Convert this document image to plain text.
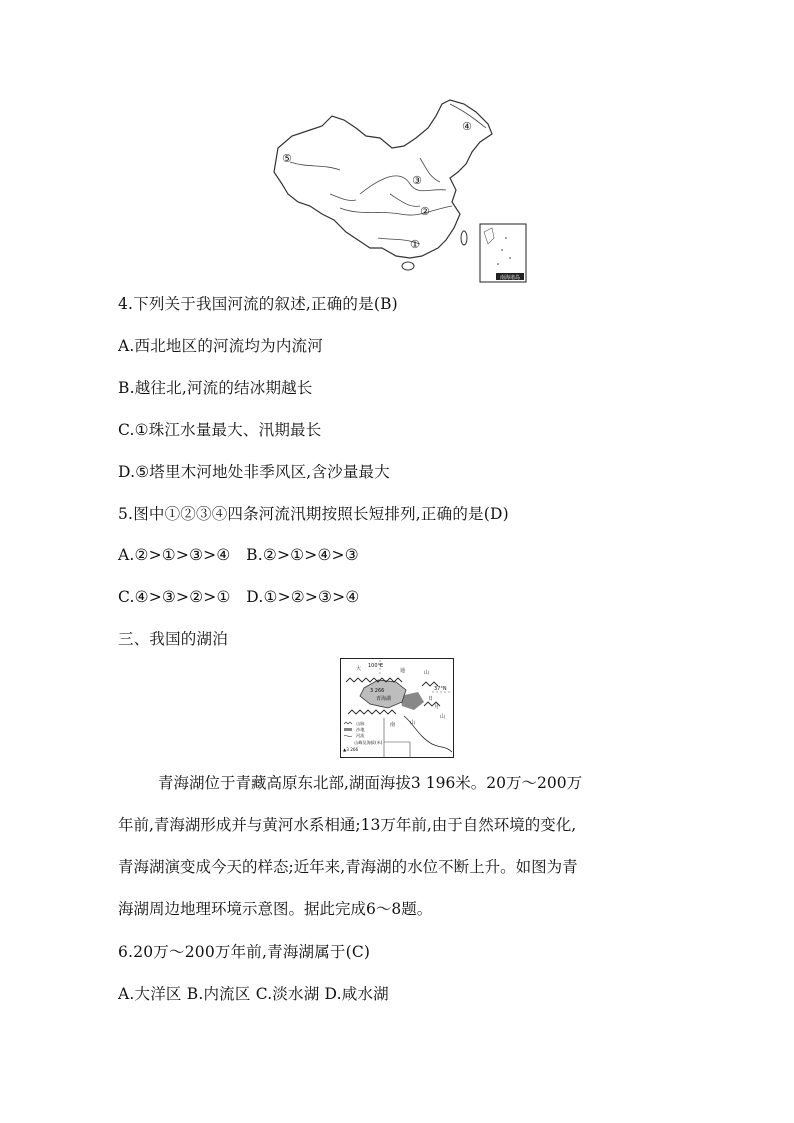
①
②
③
④
⑤
南海诸岛
4.下列关于我国河流的叙述,正确的是(B)
A.西北地区的河流均为内流河
B.越往北,河流的结冰期越长
C.①珠江水量最大、汛期最长
D.⑤塔里木河地处非季风区,含沙量最大
5.图中①②③④四条河流汛期按照长短排列,正确的是(D)
A.②>①>③>④　B.②>①>④>③
C.④>③>②>①　D.①>②>③>④
三、我国的湖泊
100°E
37°N
3 266
青海湖
大	通
日
月
山
山
山
南
山脉
沙地
河流
山峰及海拔(米)
▲3 266
青海湖位于青藏高原东北部,湖面海拔3 196米。20万～200万
年前,青海湖形成并与黄河水系相通;13万年前,由于自然环境的变化,
青海湖演变成今天的样态;近年来,青海湖的水位不断上升。如图为青
海湖周边地理环境示意图。据此完成6～8题。
6.20万～200万年前,青海湖属于(C)
A.大洋区 B.内流区 C.淡水湖 D.咸水湖
